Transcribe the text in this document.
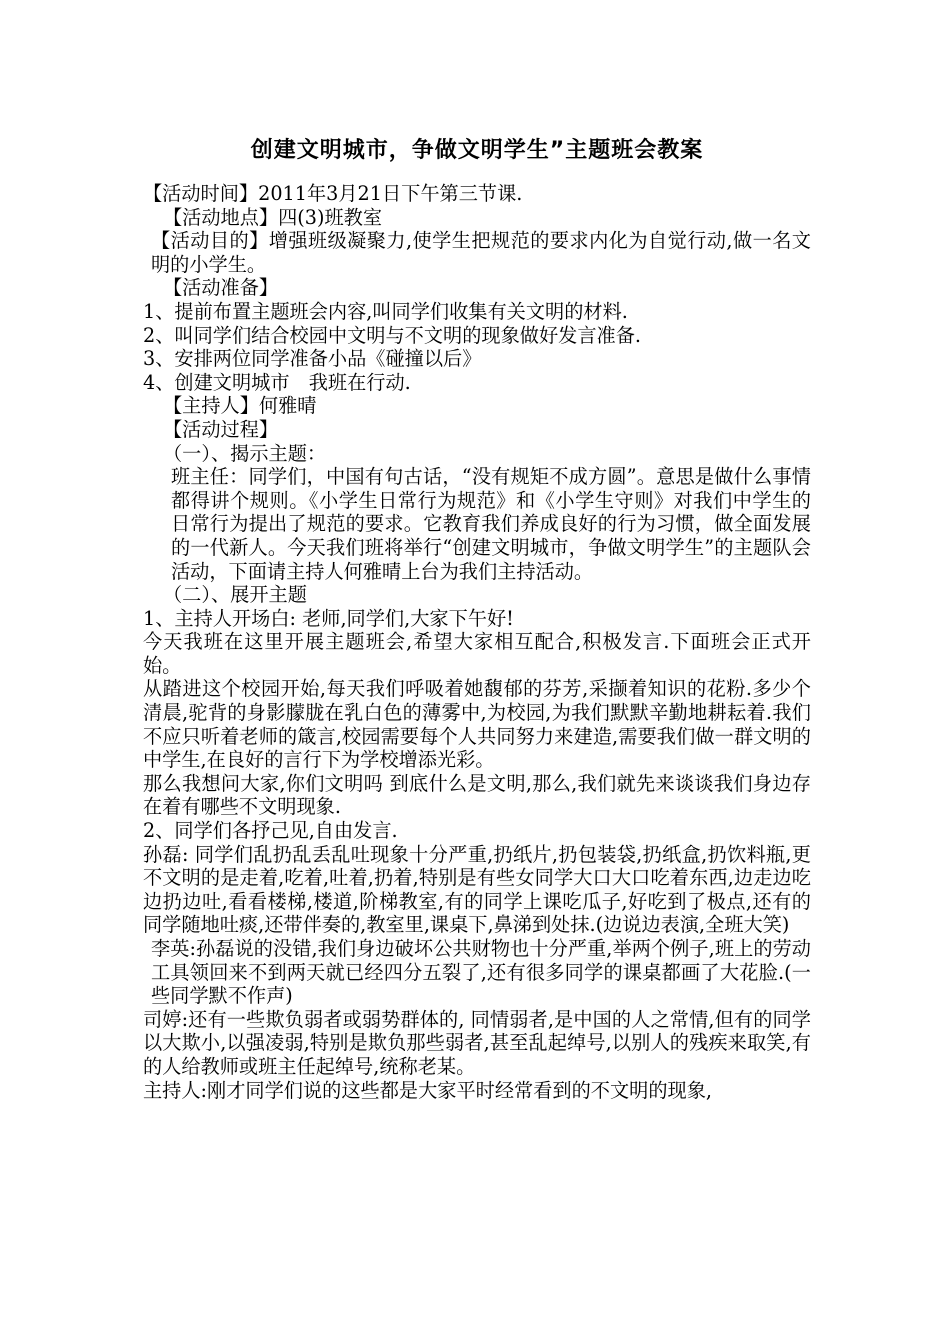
创建文明城市，争做文明学生”主题班会教案

【活动时间】2011年3月21日下午第三节课.

【活动地点】四(3)班教室

【活动目的】增强班级凝聚力,使学生把规范的要求内化为自觉行动,做一名文明的小学生。

【活动准备】

1、提前布置主题班会内容,叫同学们收集有关文明的材料.

2、叫同学们结合校园中文明与不文明的现象做好发言准备.

3、安排两位同学准备小品《碰撞以后》

4、创建文明城市　我班在行动.

【主持人】何雅晴

【活动过程】

（一）、揭示主题：

班主任：同学们，中国有句古话，“没有规矩不成方圆”。意思是做什么事情都得讲个规则。《小学生日常行为规范》和《小学生守则》对我们中学生的日常行为提出了规范的要求。它教育我们养成良好的行为习惯，做全面发展的一代新人。今天我们班将举行“创建文明城市，争做文明学生”的主题队会活动，下面请主持人何雅晴上台为我们主持活动。

（二）、展开主题

1、主持人开场白: 老师,同学们,大家下午好!

今天我班在这里开展主题班会,希望大家相互配合,积极发言.下面班会正式开始。

从踏进这个校园开始,每天我们呼吸着她馥郁的芬芳,采撷着知识的花粉.多少个清晨,驼背的身影朦胧在乳白色的薄雾中,为校园,为我们默默辛勤地耕耘着.我们不应只听着老师的箴言,校园需要每个人共同努力来建造,需要我们做一群文明的中学生,在良好的言行下为学校增添光彩。

那么我想问大家,你们文明吗 到底什么是文明,那么,我们就先来谈谈我们身边存在着有哪些不文明现象.

2、同学们各抒己见,自由发言.

孙磊: 同学们乱扔乱丢乱吐现象十分严重,扔纸片,扔包装袋,扔纸盒,扔饮料瓶,更不文明的是走着,吃着,吐着,扔着,特别是有些女同学大口大口吃着东西,边走边吃边扔边吐,看看楼梯,楼道,阶梯教室,有的同学上课吃瓜子,好吃到了极点,还有的同学随地吐痰,还带伴奏的,教室里,课桌下,鼻涕到处抹.(边说边表演,全班大笑)

李英:孙磊说的没错,我们身边破坏公共财物也十分严重,举两个例子,班上的劳动工具领回来不到两天就已经四分五裂了,还有很多同学的课桌都画了大花脸.(一些同学默不作声)

司婷:还有一些欺负弱者或弱势群体的, 同情弱者,是中国的人之常情,但有的同学以大欺小,以强凌弱,特别是欺负那些弱者,甚至乱起绰号,以别人的残疾来取笑,有的人给教师或班主任起绰号,统称老某。

主持人:刚才同学们说的这些都是大家平时经常看到的不文明的现象,
